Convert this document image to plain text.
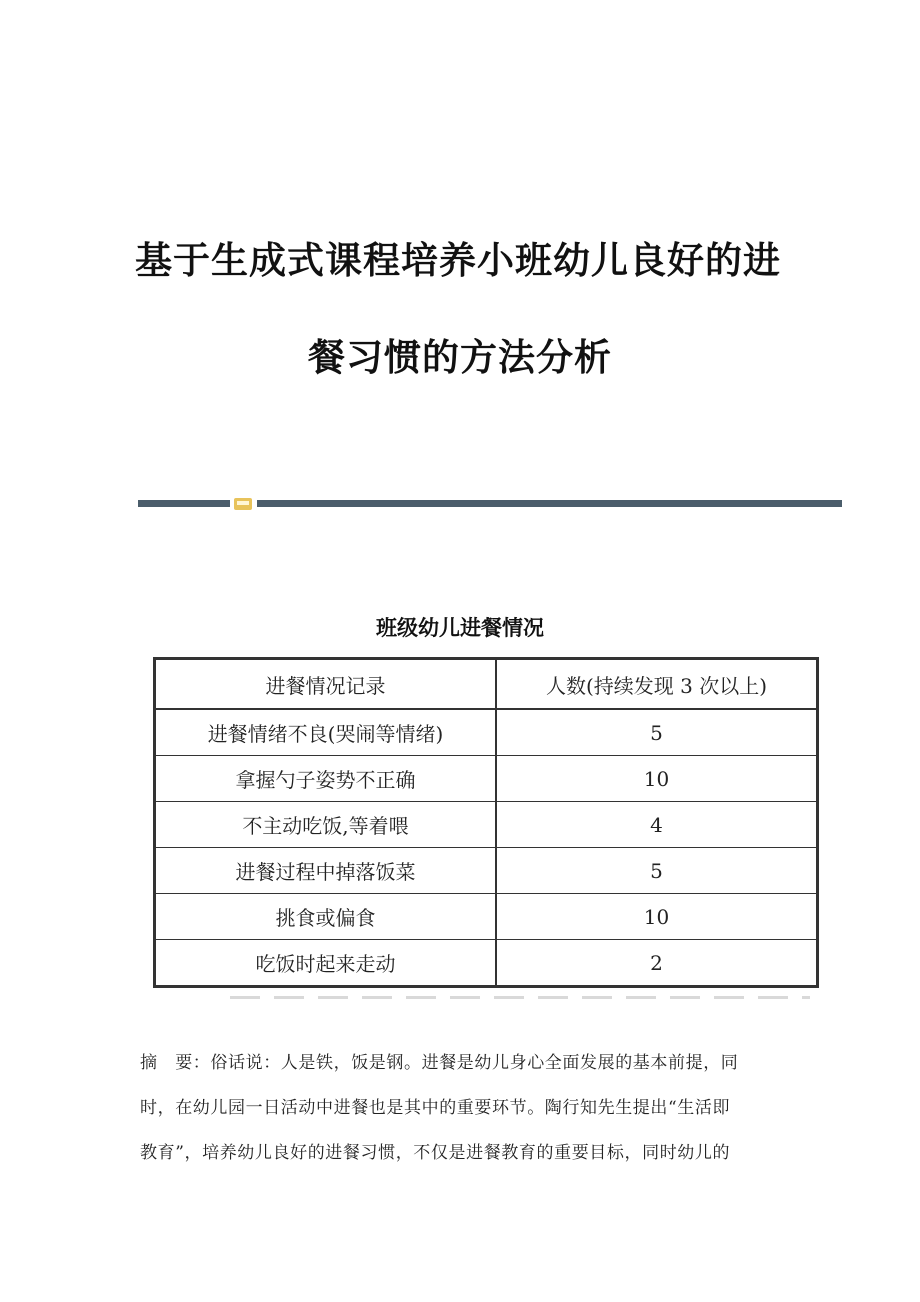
基于生成式课程培养小班幼儿良好的进
餐习惯的方法分析
班级幼儿进餐情况
进餐情况记录	人数(持续发现 3 次以上)
进餐情绪不良(哭闹等情绪)	5
拿握勺子姿势不正确	10
不主动吃饭,等着喂	4
进餐过程中掉落饭菜	5
挑食或偏食	10
吃饭时起来走动	2
摘　要：俗话说：人是铁，饭是钢。进餐是幼儿身心全面发展的基本前提，同
时，在幼儿园一日活动中进餐也是其中的重要环节。陶行知先生提出“生活即
教育”，培养幼儿良好的进餐习惯，不仅是进餐教育的重要目标，同时幼儿的
